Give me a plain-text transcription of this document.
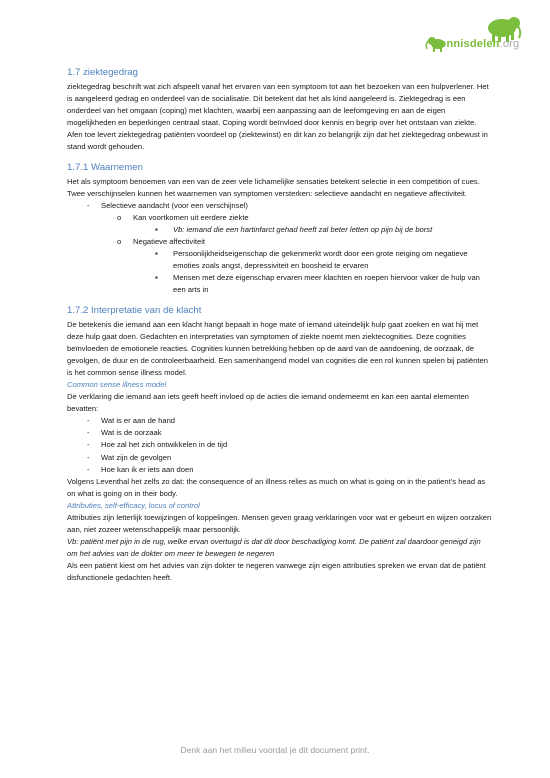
Kennisdelen.org
1.7 ziektegedrag

ziektegedrag beschrift wat zich afspeelt vanaf het ervaren van een symptoom tot aan het bezoeken van een hulpverlener. Het is aangeleerd gedrag en onderdeel van de socialisatie. Dit betekent dat het als kind aangeleerd is. Ziektegedrag is een onderdeel van het omgaan (coping) met klachten, waarbij een aanpassing aan de leefomgeving en aan de eigen mogelijkheden en beperkingen centraal staat. Coping wordt beïnvloed door kennis en begrip over het ontstaan van ziekte. Afen toe levert ziektegedrag patiënten voordeel op (ziektewinst) en dit kan zo belangrijk zijn dat het ziektegedrag onbewust in stand wordt gehouden.

1.7.1 Waarnemen

Het als symptoom benoemen van een van de zeer vele lichamelijke sensaties betekent selectie in een competition of cues. Twee verschijnselen kunnen het waarnemen van symptomen versterken: selectieve aandacht en negatieve affectiviteit.

- Selectieve aandacht (voor een verschijnsel)
o Kan voortkomen uit eerdere ziekte
▪ Vb: iemand die een hartinfarct gehad heeft zal beter letten op pijn bij de borst
o Negatieve affectiviteit
▪ Persoonlijkheidseigenschap die gekenmerkt wordt door een grote neiging om negatieve emoties zoals angst, depressiviteit en boosheid te ervaren
▪ Mensen met deze eigenschap ervaren meer klachten en roepen hiervoor vaker de hulp van een arts in
1.7.2 Interpretatie van de klacht

De betekenis die iemand aan een klacht hangt bepaalt in hoge mate of iemand uiteindelijk hulp gaat zoeken en wat hij met deze hulp gaat doen. Gedachten en interpretaties van symptomen of ziekte noemt men ziektecognities. Deze cognities beïnvloeden de emotionele reacties. Cognities kunnen betrekking hebben op de aard van de aandoening, de oorzaak, de gevolgen, de duur en de controleerbaarheid. Een samenhangend model van cognities die een rol kunnen spelen bij patiënten is het common sense illness model.

Common sense illness model

De verklaring die iemand aan iets geeft heeft invloed op de acties die iemand onderneemt en kan een aantal elementen bevatten:

- Wat is er aan de hand
- Wat is de oorzaak
- Hoe zal het zich ontwikkelen in de tijd
- Wat zijn de gevolgen
- Hoe kan ik er iets aan doen

Volgens Leventhal het zelfs zo dat: the consequence of an illness relies as much on what is going on in the patient’s head as on what is going on in their body.

Attributies, self-efficacy, locus of control

Attributies zijn letterlijk toewijzingen of koppelingen. Mensen geven graag verklaringen voor wat er gebeurt en wijzen oorzaken aan, niet zozeer wetenschappelijk maar persoonlijk.

Vb: patiënt met pijn in de rug, welke ervan overtuigd is dat dit door beschadiging komt. De patiënt zal daardoor geneigd zijn om het advies van de dokter om meer te bewegen te negeren

Als een patiënt kiest om het advies van zijn dokter te negeren vanwege zijn eigen attributies spreken we ervan dat de patiënt disfunctionele gedachten heeft.

Denk aan het milieu voordat je dit document print.
